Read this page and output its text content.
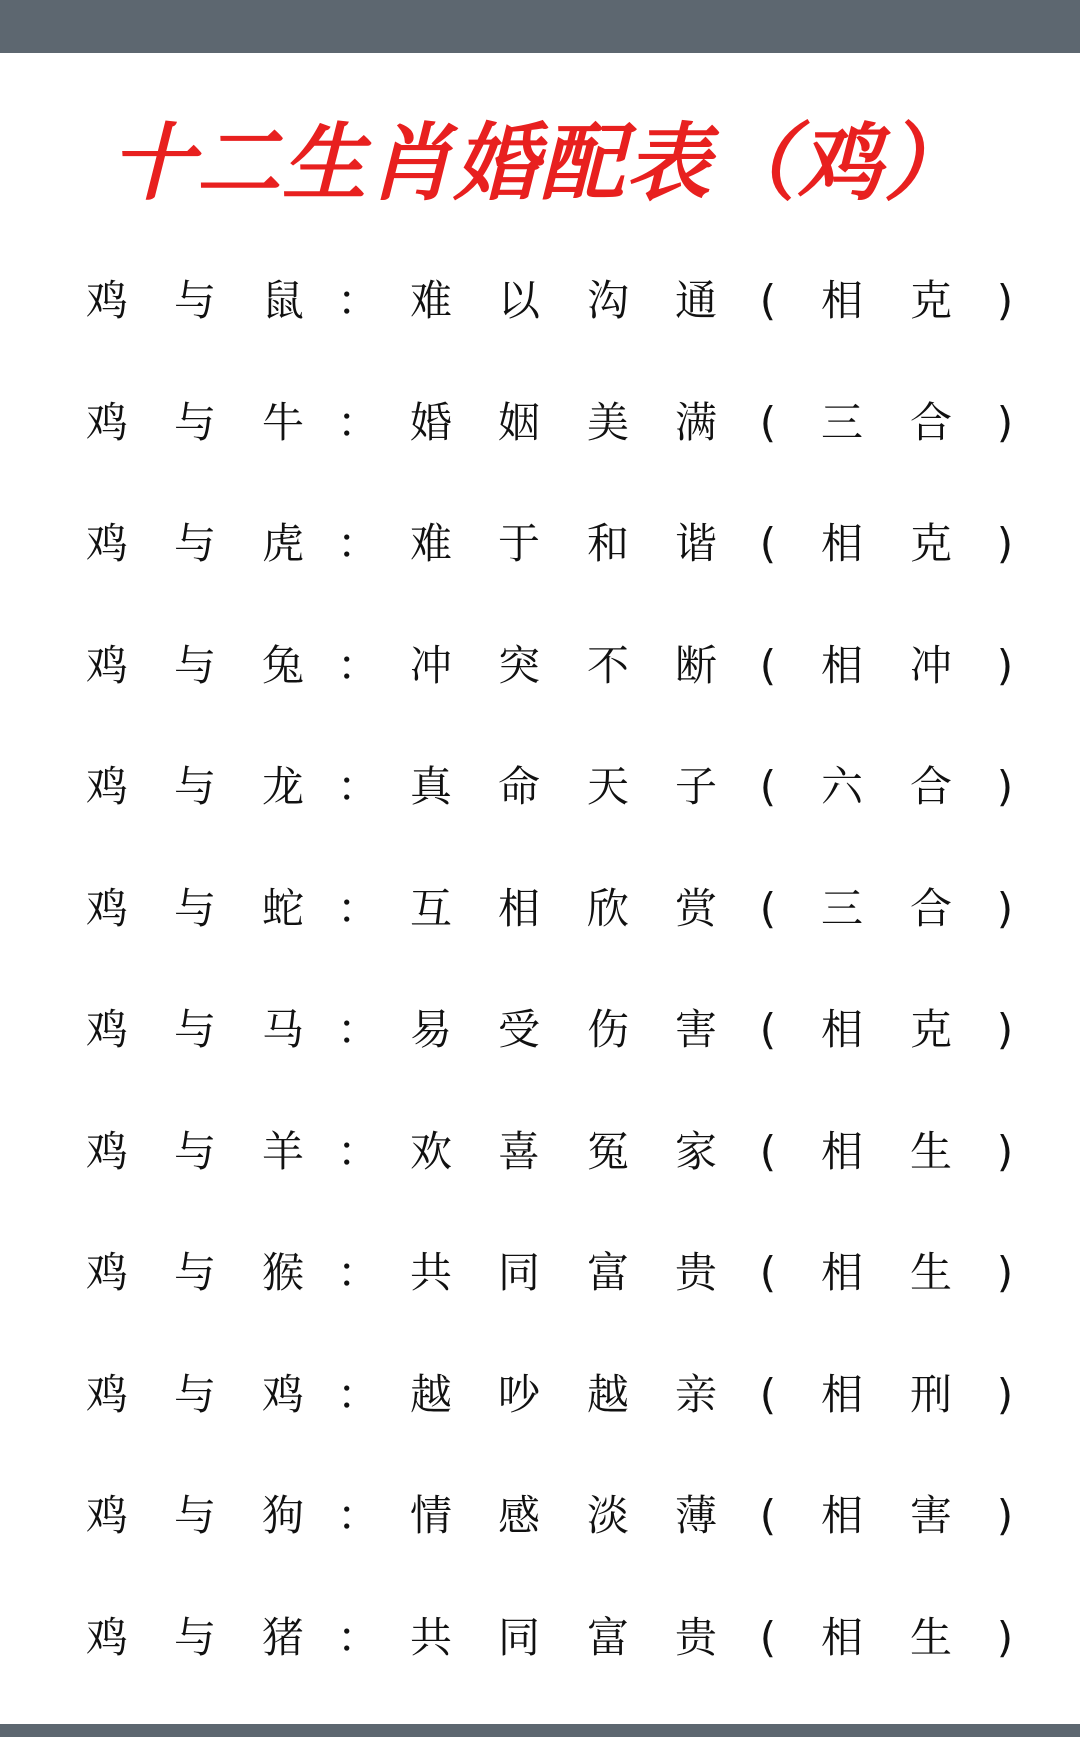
十二生肖婚配表（鸡）
鸡 与 鼠 ： 难 以 沟 通	(	相 克	)
鸡 与 牛 ： 婚 姻 美 满	(	三 合	)
鸡 与 虎 ： 难 于 和 谐	(	相 克	)
鸡 与 兔 ： 冲 突 不 断	(	相 冲	)
鸡 与 龙 ： 真 命 天 子	(	六 合	)
鸡 与 蛇 ： 互 相 欣 赏	(	三 合	)
鸡 与 马 ： 易 受 伤 害	(	相 克	)
鸡 与 羊 ： 欢 喜 冤 家	(	相 生	)
鸡 与 猴 ： 共 同 富 贵	(	相 生	)
鸡 与 鸡 ： 越 吵 越 亲	(	相 刑	)
鸡 与 狗 ： 情 感 淡 薄	(	相 害	)
鸡 与 猪 ： 共 同 富 贵	(	相 生	)
